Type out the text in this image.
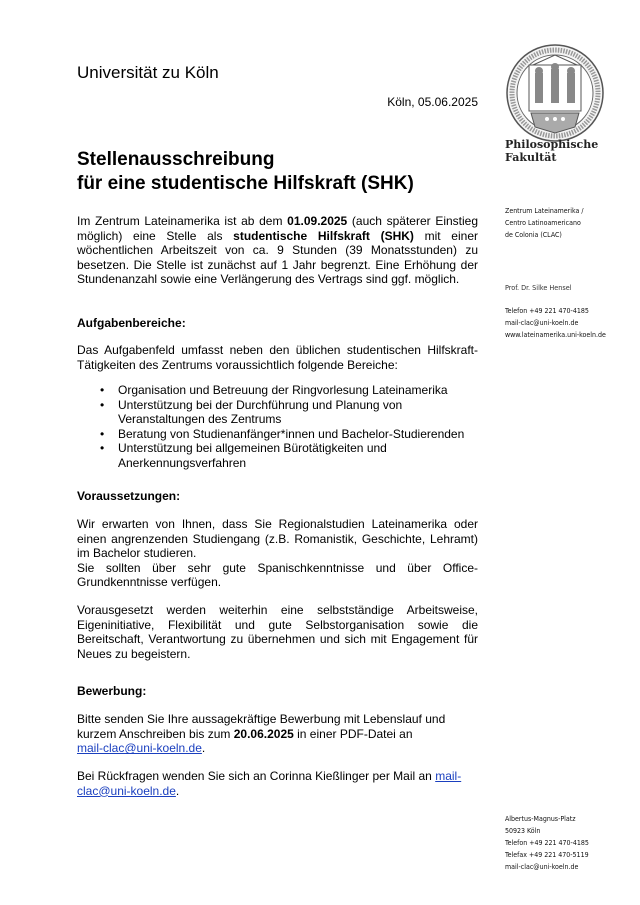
Universität zu Köln
Köln, 05.06.2025
Philosophische
Fakultät
Zentrum Lateinamerika /
Centro Latinoamericano
de Colonia (CLAC)
Prof. Dr. Silke Hensel
Telefon +49 221 470-4185
mail-clac@uni-koeln.de
www.lateinamerika.uni-koeln.de
Stellenausschreibung
für eine studentische Hilfskraft (SHK)
Im Zentrum Lateinamerika ist ab dem 01.09.2025 (auch späterer Einstieg möglich) eine Stelle als studentische Hilfskraft (SHK) mit einer wöchentlichen Arbeitszeit von ca. 9 Stunden (39 Monatsstunden) zu besetzen. Die Stelle ist zunächst auf 1 Jahr begrenzt. Eine Erhöhung der Stundenanzahl sowie eine Verlängerung des Vertrags sind ggf. möglich.
Aufgabenbereiche:
Das Aufgabenfeld umfasst neben den üblichen studentischen Hilfskraft-Tätigkeiten des Zentrums voraussichtlich folgende Bereiche:
• Organisation und Betreuung der Ringvorlesung Lateinamerika
• Unterstützung bei der Durchführung und Planung von Veranstaltungen des Zentrums
• Beratung von Studienanfänger*innen und Bachelor-Studierenden
• Unterstützung bei allgemeinen Bürotätigkeiten und Anerkennungsverfahren
Voraussetzungen:
Wir erwarten von Ihnen, dass Sie Regionalstudien Lateinamerika oder einen angrenzenden Studiengang (z.B. Romanistik, Geschichte, Lehramt) im Bachelor studieren.
Sie sollten über sehr gute Spanischkenntnisse und über Office-Grundkenntnisse verfügen.
Vorausgesetzt werden weiterhin eine selbstständige Arbeitsweise, Eigeninitiative, Flexibilität und gute Selbstorganisation sowie die Bereitschaft, Verantwortung zu übernehmen und sich mit Engagement für Neues zu begeistern.
Bewerbung:
Bitte senden Sie Ihre aussagekräftige Bewerbung mit Lebenslauf und kurzem Anschreiben bis zum 20.06.2025 in einer PDF-Datei an
mail-clac@uni-koeln.de.
Bei Rückfragen wenden Sie sich an Corinna Kießlinger per Mail an mail-clac@uni-koeln.de.
Albertus-Magnus-Platz
50923 Köln
Telefon +49 221 470-4185
Telefax +49 221 470-5119
mail-clac@uni-koeln.de
